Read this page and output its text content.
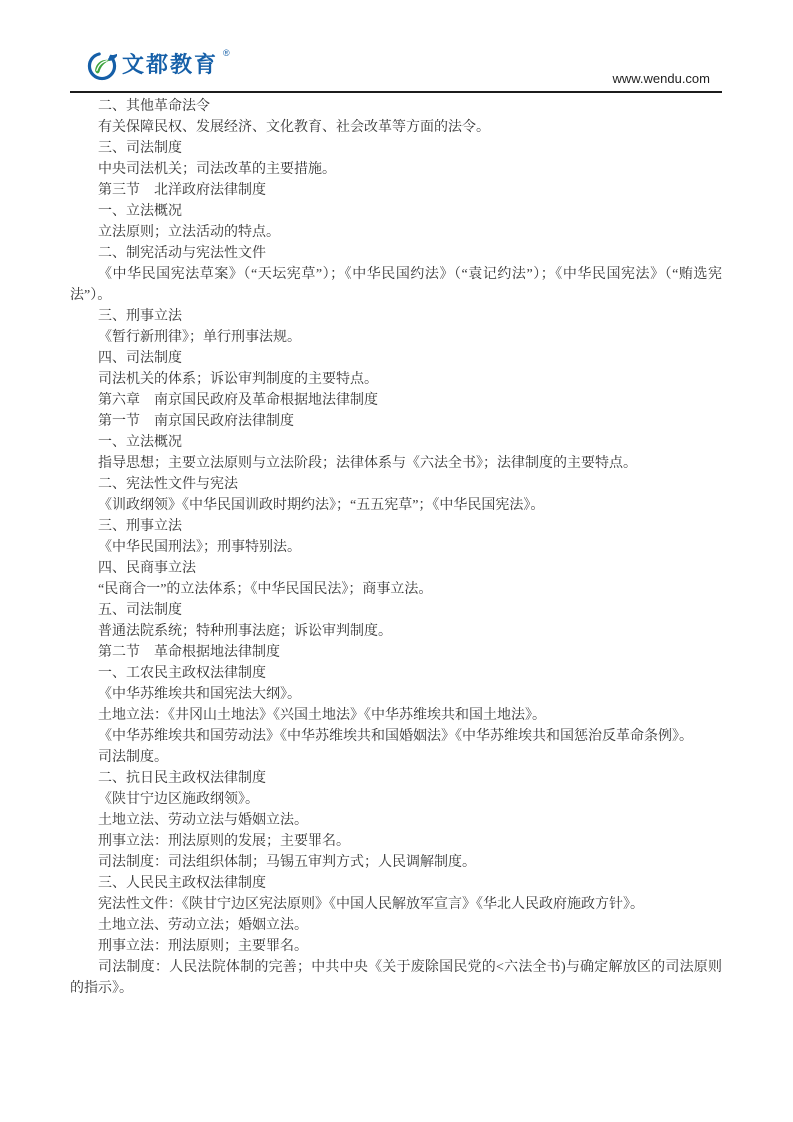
文都教育 ®
www.wendu.com

二、其他革命法令

有关保障民权、发展经济、文化教育、社会改革等方面的法令。

三、司法制度

中央司法机关；司法改革的主要措施。

第三节　北洋政府法律制度

一、立法概况

立法原则；立法活动的特点。

二、制宪活动与宪法性文件

《中华民国宪法草案》（“天坛宪草”）；《中华民国约法》（“袁记约法”）；《中华民国宪法》（“贿选宪法”）。

三、刑事立法

《暂行新刑律》；单行刑事法规。

四、司法制度

司法机关的体系；诉讼审判制度的主要特点。

第六章　南京国民政府及革命根据地法律制度

第一节　南京国民政府法律制度

一、立法概况

指导思想；主要立法原则与立法阶段；法律体系与《六法全书》；法律制度的主要特点。

二、宪法性文件与宪法

《训政纲领》《中华民国训政时期约法》；“五五宪草”；《中华民国宪法》。

三、刑事立法

《中华民国刑法》；刑事特别法。

四、民商事立法

“民商合一”的立法体系；《中华民国民法》；商事立法。

五、司法制度

普通法院系统；特种刑事法庭；诉讼审判制度。

第二节　革命根据地法律制度

一、工农民主政权法律制度

《中华苏维埃共和国宪法大纲》。

土地立法：《井冈山土地法》《兴国土地法》《中华苏维埃共和国土地法》。

《中华苏维埃共和国劳动法》《中华苏维埃共和国婚姻法》《中华苏维埃共和国惩治反革命条例》。

司法制度。

二、抗日民主政权法律制度

《陕甘宁边区施政纲领》。

土地立法、劳动立法与婚姻立法。

刑事立法：刑法原则的发展；主要罪名。

司法制度：司法组织体制；马锡五审判方式；人民调解制度。

三、人民民主政权法律制度

宪法性文件：《陕甘宁边区宪法原则》《中国人民解放军宣言》《华北人民政府施政方针》。

土地立法、劳动立法；婚姻立法。

刑事立法：刑法原则；主要罪名。

司法制度：人民法院体制的完善；中共中央《关于废除国民党的<六法全书)与确定解放区的司法原则的指示》。
